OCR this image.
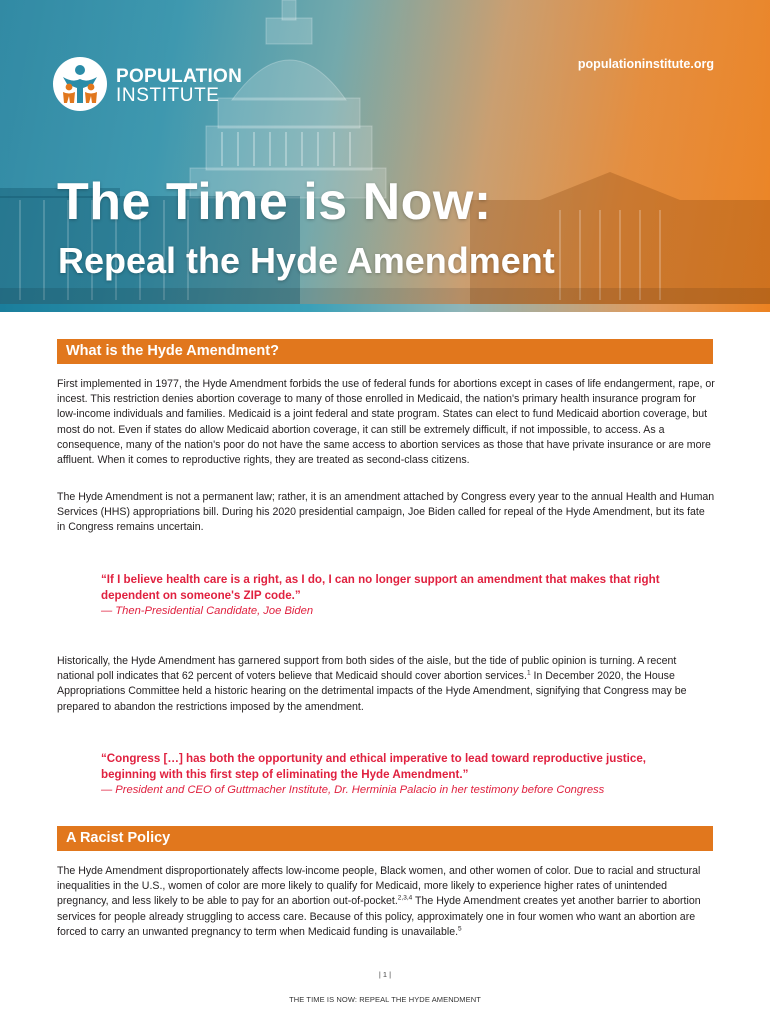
populationinstitute.org
POPULATION
INSTITUTE
The Time is Now:
Repeal the Hyde Amendment
What is the Hyde Amendment?

First implemented in 1977, the Hyde Amendment forbids the use of federal funds for abortions except in cases of life endangerment, rape, or incest. This restriction denies abortion coverage to many of those enrolled in Medicaid, the nation's primary health insurance program for low-income individuals and families. Medicaid is a joint federal and state program. States can elect to fund Medicaid abortion coverage, but most do not. Even if states do allow Medicaid abortion coverage, it can still be extremely difficult, if not impossible, to access. As a consequence, many of the nation's poor do not have the same access to abortion services as those that have private insurance or are more affluent. When it comes to reproductive rights, they are treated as second-class citizens.

The Hyde Amendment is not a permanent law; rather, it is an amendment attached by Congress every year to the annual Health and Human Services (HHS) appropriations bill. During his 2020 presidential campaign, Joe Biden called for repeal of the Hyde Amendment, but its fate in Congress remains uncertain.

“If I believe health care is a right, as I do, I can no longer support an amendment that makes that right dependent on someone's ZIP code.”

— Then-Presidential Candidate, Joe Biden

Historically, the Hyde Amendment has garnered support from both sides of the aisle, but the tide of public opinion is turning. A recent national poll indicates that 62 percent of voters believe that Medicaid should cover abortion services.$^1$ In December 2020, the House Appropriations Committee held a historic hearing on the detrimental impacts of the Hyde Amendment, signifying that Congress may be prepared to abandon the restrictions imposed by the amendment.

“Congress […] has both the opportunity and ethical imperative to lead toward reproductive justice, beginning with this first step of eliminating the Hyde Amendment.”

— President and CEO of Guttmacher Institute, Dr. Herminia Palacio in her testimony before Congress

A Racist Policy

The Hyde Amendment disproportionately affects low-income people, Black women, and other women of color. Due to racial and structural inequalities in the U.S., women of color are more likely to qualify for Medicaid, more likely to experience higher rates of unintended pregnancy, and less likely to be able to pay for an abortion out-of-pocket.$^{2,3,4}$ The Hyde Amendment creates yet another barrier to abortion services for people already struggling to access care. Because of this policy, approximately one in four women who want an abortion are forced to carry an unwanted pregnancy to term when Medicaid funding is unavailable.$^5$

| 1 |
THE TIME IS NOW: REPEAL THE HYDE AMENDMENT
